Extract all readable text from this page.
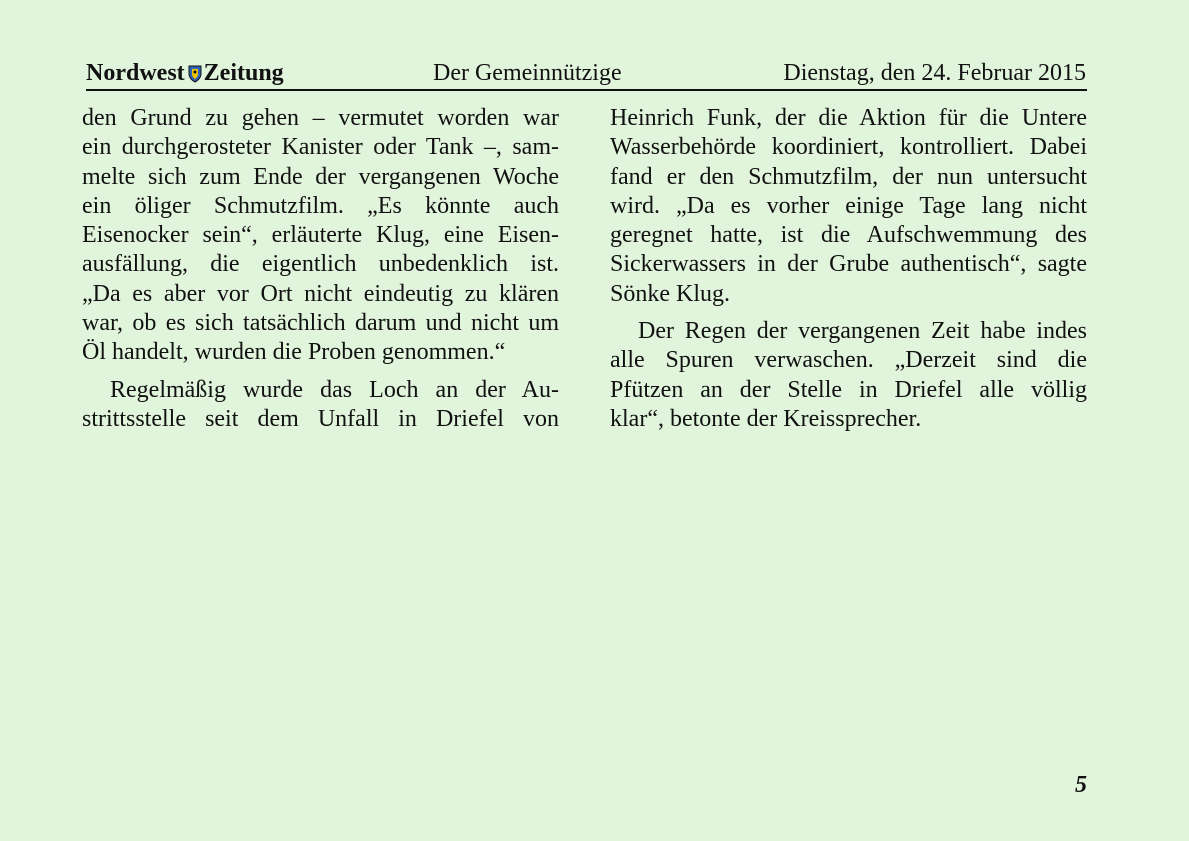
Nordwest Zeitung	Der Gemeinnützige	Dienstag, den 24. Februar 2015
den Grund zu gehen – vermutet worden war
ein durchgerosteter Kanister oder Tank –, sam-
melte sich zum Ende der vergangenen Woche
ein öliger Schmutzfilm. „Es könnte auch
Eisenocker sein“, erläuterte Klug, eine Eisen-
ausfällung, die eigentlich unbedenklich ist.
„Da es aber vor Ort nicht eindeutig zu klären
war, ob es sich tatsächlich darum und nicht um
Öl handelt, wurden die Proben genommen.“
Regelmäßig wurde das Loch an der Au-
strittsstelle seit dem Unfall in Driefel von
Heinrich Funk, der die Aktion für die Untere
Wasserbehörde koordiniert, kontrolliert. Dabei
fand er den Schmutzfilm, der nun untersucht
wird. „Da es vorher einige Tage lang nicht
geregnet hatte, ist die Aufschwemmung des
Sickerwassers in der Grube authentisch“, sagte
Sönke Klug.
Der Regen der vergangenen Zeit habe indes
alle Spuren verwaschen. „Derzeit sind die
Pfützen an der Stelle in Driefel alle völlig
klar“, betonte der Kreissprecher.
5
